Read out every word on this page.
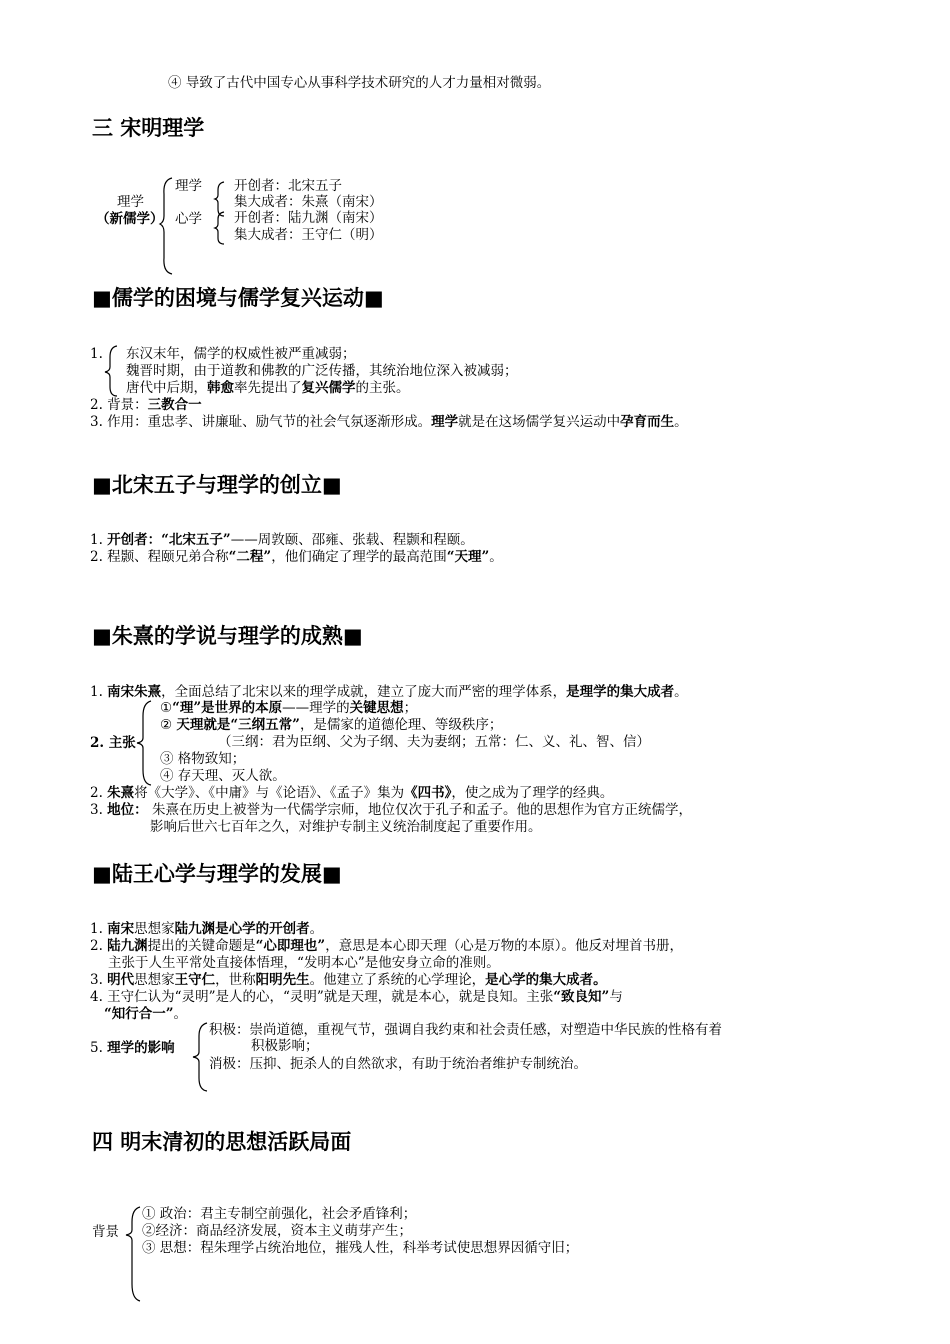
④ 导致了古代中国专心从事科学技术研究的人才力量相对微弱。
三 宋明理学
理学
（新儒学）
理学
心学
开创者：北宋五子
集大成者：朱熹（南宋）
开创者：陆九渊（南宋）
集大成者：王守仁（明）
■儒学的困境与儒学复兴运动■
1. 东汉末年，儒学的权威性被严重减弱；
魏晋时期，由于道教和佛教的广泛传播，其统治地位深入被减弱；
唐代中后期，韩愈率先提出了复兴儒学的主张。
2. 背景：三教合一
3. 作用：重忠孝、讲廉耻、励气节的社会气氛逐渐形成。理学就是在这场儒学复兴运动中孕育而生。
■北宋五子与理学的创立■
1. 开创者：“北宋五子”——周敦颐、邵雍、张载、程颢和程颐。
2. 程颢、程颐兄弟合称“二程”，他们确定了理学的最高范围“天理”。
■朱熹的学说与理学的成熟■
1. 南宋朱熹，全面总结了北宋以来的理学成就，建立了庞大而严密的理学体系，是理学的集大成者。
2. 主张
①“理”是世界的本原——理学的关键思想；
② 天理就是“三纲五常”，是儒家的道德伦理、等级秩序；
（三纲：君为臣纲、父为子纲、夫为妻纲；五常：仁、义、礼、智、信）
③ 格物致知；
④ 存天理、灭人欲。
2. 朱熹将《大学》、《中庸》与《论语》、《孟子》集为《四书》，使之成为了理学的经典。
3. 地位： 朱熹在历史上被誉为一代儒学宗师，地位仅次于孔子和孟子。他的思想作为官方正统儒学，
影响后世六七百年之久，对维护专制主义统治制度起了重要作用。
■陆王心学与理学的发展■
1. 南宋思想家陆九渊是心学的开创者。
2. 陆九渊提出的关键命题是“心即理也”，意思是本心即天理（心是万物的本原）。他反对埋首书册，
主张于人生平常处直接体悟理，“发明本心”是他安身立命的准则。
3. 明代思想家王守仁，世称阳明先生。他建立了系统的心学理论，是心学的集大成者。
4. 王守仁认为“灵明”是人的心，“灵明”就是天理，就是本心，就是良知。主张“致良知”与
“知行合一”。
5. 理学的影响
积极：崇尚道德，重视气节，强调自我约束和社会责任感，对塑造中华民族的性格有着
积极影响；
消极：压抑、扼杀人的自然欲求，有助于统治者维护专制统治。
四 明末清初的思想活跃局面
背景
① 政治：君主专制空前强化，社会矛盾锋利；
②经济：商品经济发展，资本主义萌芽产生；
③ 思想：程朱理学占统治地位，摧残人性，科举考试使思想界因循守旧；
